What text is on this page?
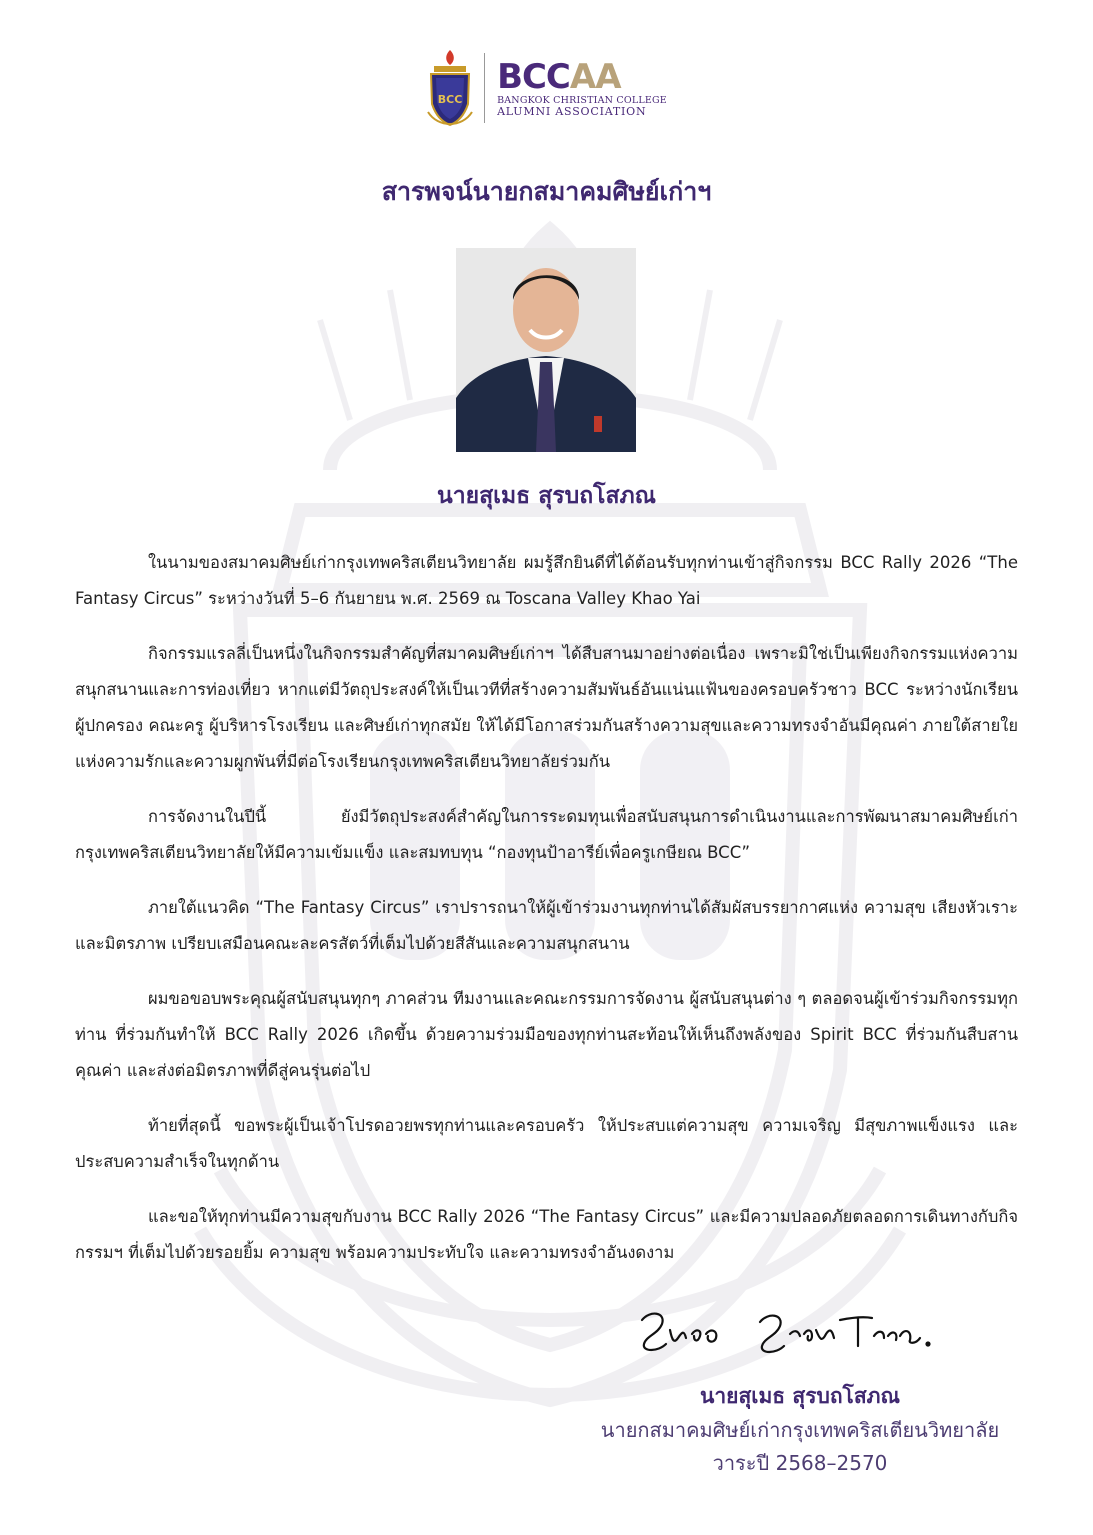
BCC
BCCAA
BANGKOK CHRISTIAN COLLEGE
ALUMNI ASSOCIATION
สารพจน์นายกสมาคมศิษย์เก่าฯ
นายสุเมธ สุรบถโสภณ

ในนามของสมาคมศิษย์เก่ากรุงเทพคริสเตียนวิทยาลัย ผมรู้สึกยินดีที่ได้ต้อนรับทุกท่านเข้าสู่กิจกรรม BCC Rally 2026 “The Fantasy Circus” ระหว่างวันที่ 5–6 กันยายน พ.ศ. 2569 ณ Toscana Valley Khao Yai

กิจกรรมแรลลี่เป็นหนึ่งในกิจกรรมสำคัญที่สมาคมศิษย์เก่าฯ ได้สืบสานมาอย่างต่อเนื่อง เพราะมิใช่เป็นเพียงกิจกรรมแห่งความสนุกสนานและการท่องเที่ยว หากแต่มีวัตถุประสงค์ให้เป็นเวทีที่สร้างความสัมพันธ์อันแน่นแฟ้นของครอบครัวชาว BCC ระหว่างนักเรียน ผู้ปกครอง คณะครู ผู้บริหารโรงเรียน และศิษย์เก่าทุกสมัย ให้ได้มีโอกาสร่วมกันสร้างความสุขและความทรงจำอันมีคุณค่า ภายใต้สายใยแห่งความรักและความผูกพันที่มีต่อโรงเรียนกรุงเทพคริสเตียนวิทยาลัยร่วมกัน

การจัดงานในปีนี้ ยังมีวัตถุประสงค์สำคัญในการระดมทุนเพื่อสนับสนุนการดำเนินงานและการพัฒนาสมาคมศิษย์เก่ากรุงเทพคริสเตียนวิทยาลัยให้มีความเข้มแข็ง และสมทบทุน “กองทุนป้าอารีย์เพื่อครูเกษียณ BCC”

ภายใต้แนวคิด “The Fantasy Circus” เราปรารถนาให้ผู้เข้าร่วมงานทุกท่านได้สัมผัสบรรยากาศแห่ง ความสุข เสียงหัวเราะ และมิตรภาพ เปรียบเสมือนคณะละครสัตว์ที่เต็มไปด้วยสีสันและความสนุกสนาน

ผมขอขอบพระคุณผู้สนับสนุนทุกๆ ภาคส่วน ทีมงานและคณะกรรมการจัดงาน ผู้สนับสนุนต่าง ๆ ตลอดจนผู้เข้าร่วมกิจกรรมทุกท่าน ที่ร่วมกันทำให้ BCC Rally 2026 เกิดขึ้น ด้วยความร่วมมือของทุกท่านสะท้อนให้เห็นถึงพลังของ Spirit BCC ที่ร่วมกันสืบสานคุณค่า และส่งต่อมิตรภาพที่ดีสู่คนรุ่นต่อไป

ท้ายที่สุดนี้ ขอพระผู้เป็นเจ้าโปรดอวยพรทุกท่านและครอบครัว ให้ประสบแต่ความสุข ความเจริญ มีสุขภาพแข็งแรง และประสบความสำเร็จในทุกด้าน

และขอให้ทุกท่านมีความสุขกับงาน BCC Rally 2026 “The Fantasy Circus” และมีความปลอดภัยตลอดการเดินทางกับกิจกรรมฯ ที่เต็มไปด้วยรอยยิ้ม ความสุข พร้อมความประทับใจ และความทรงจำอันงดงาม

นายสุเมธ สุรบถโสภณ
นายกสมาคมศิษย์เก่ากรุงเทพคริสเตียนวิทยาลัย
วาระปี 2568–2570
